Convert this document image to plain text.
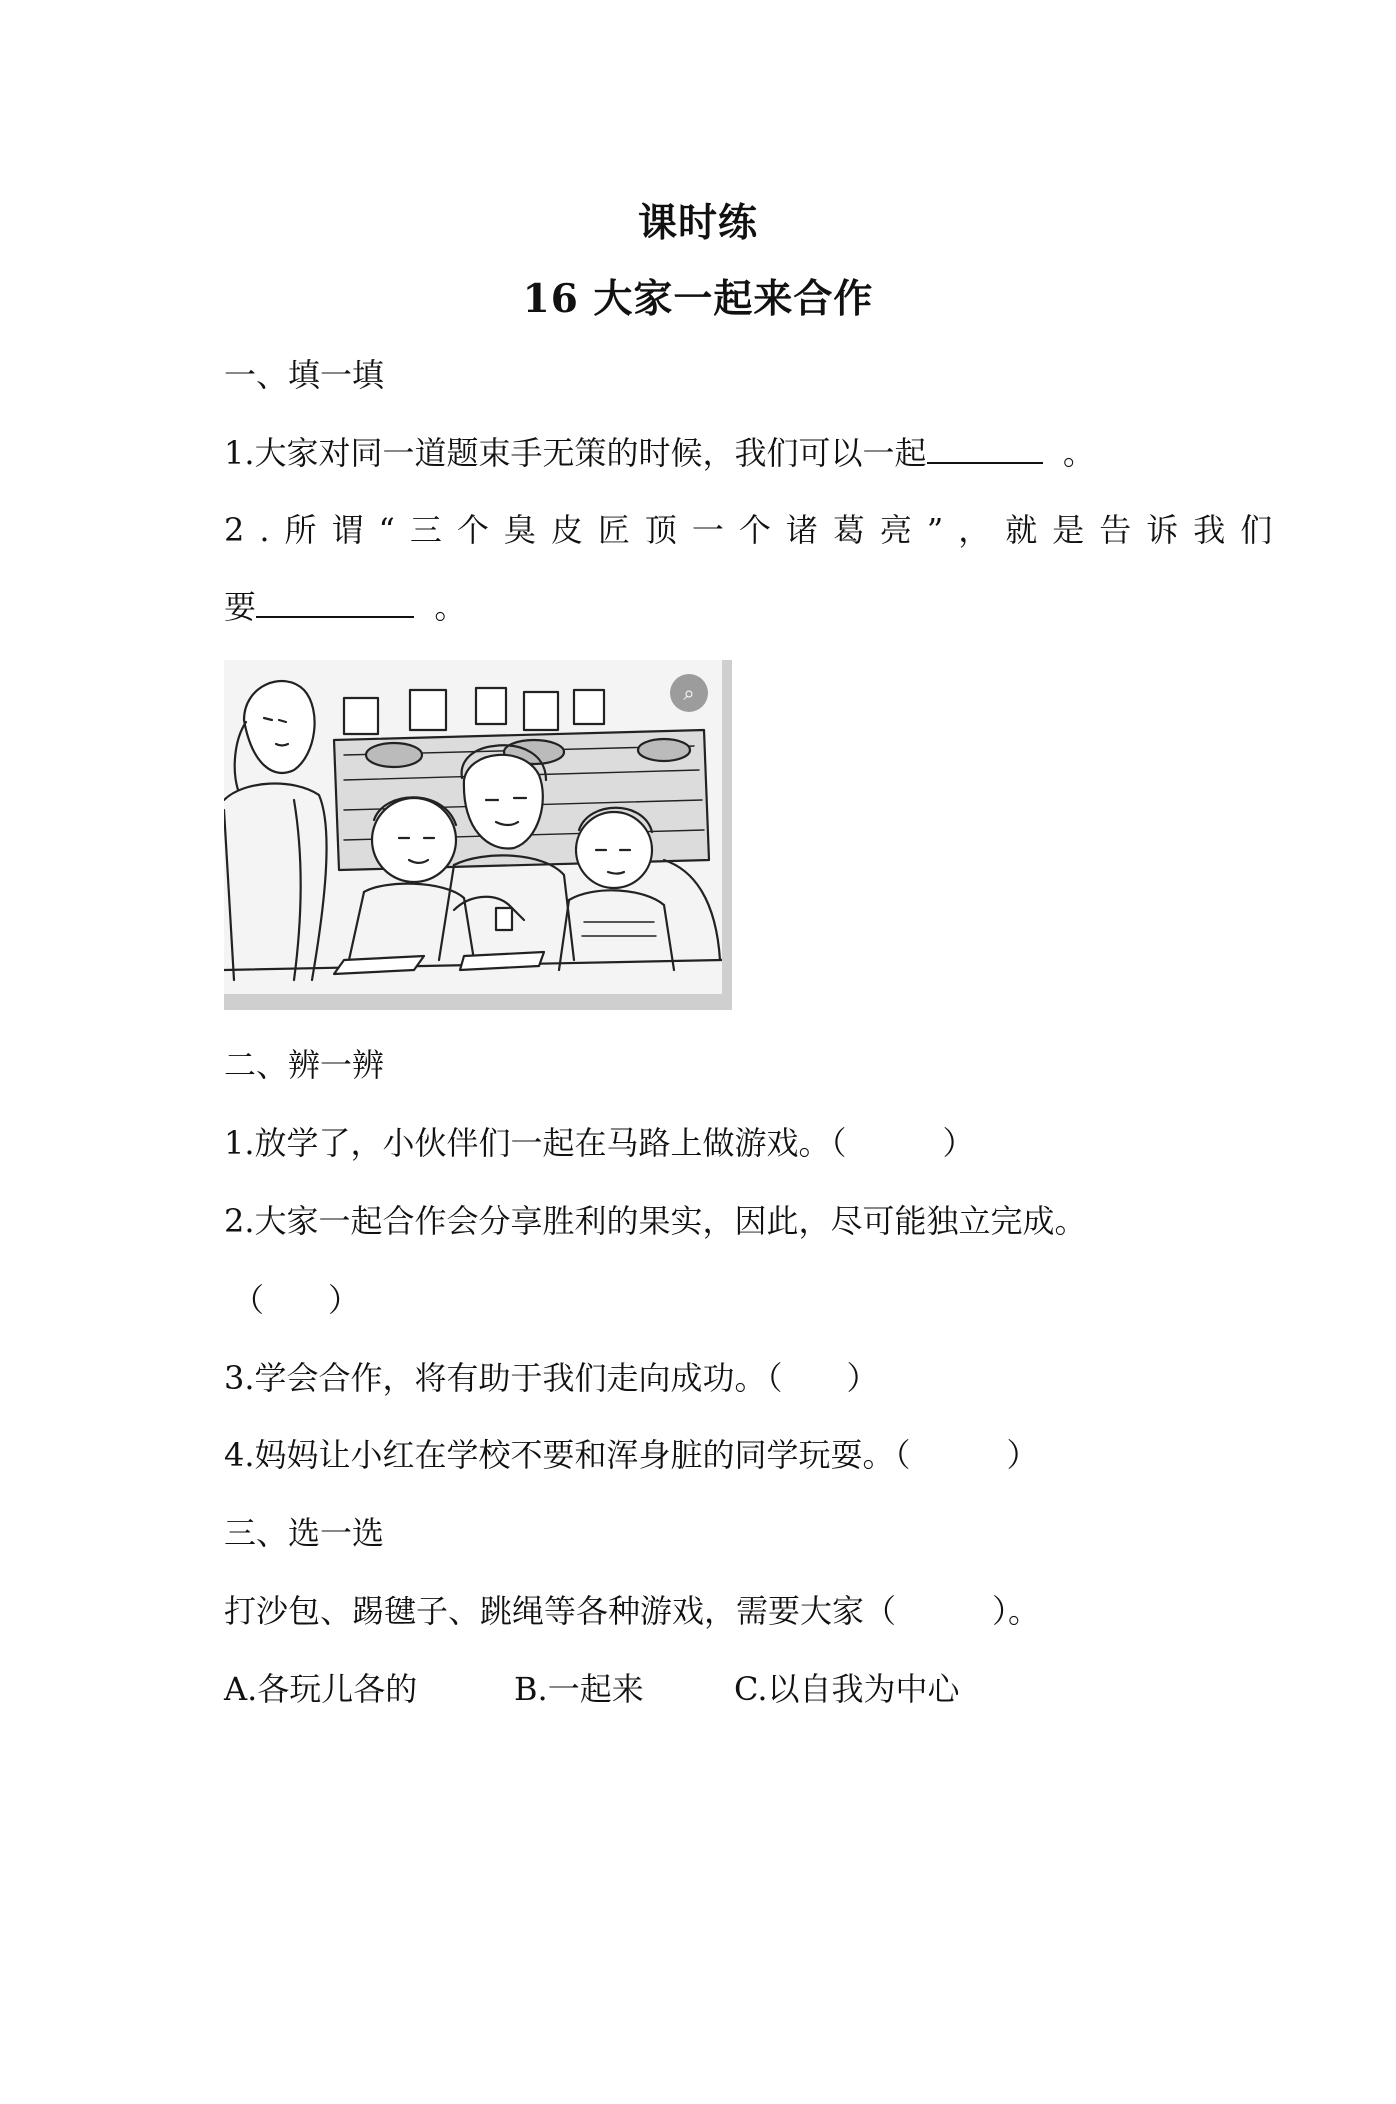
课时练
16 大家一起来合作
一、填一填
1.大家对同一道题束手无策的时候，我们可以一起	。
2.所谓“三个臭皮匠顶一个诸葛亮”，就是告诉我们
要	。
⌕
二、辨一辨
1.放学了，小伙伴们一起在马路上做游戏。（　　　）
2.大家一起合作会分享胜利的果实，因此，尽可能独立完成。
（　　）
3.学会合作，将有助于我们走向成功。（　　）
4.妈妈让小红在学校不要和浑身脏的同学玩耍。（　　　）
三、选一选
打沙包、踢毽子、跳绳等各种游戏，需要大家（　　　）。
A.各玩儿各的	B.一起来	C.以自我为中心
